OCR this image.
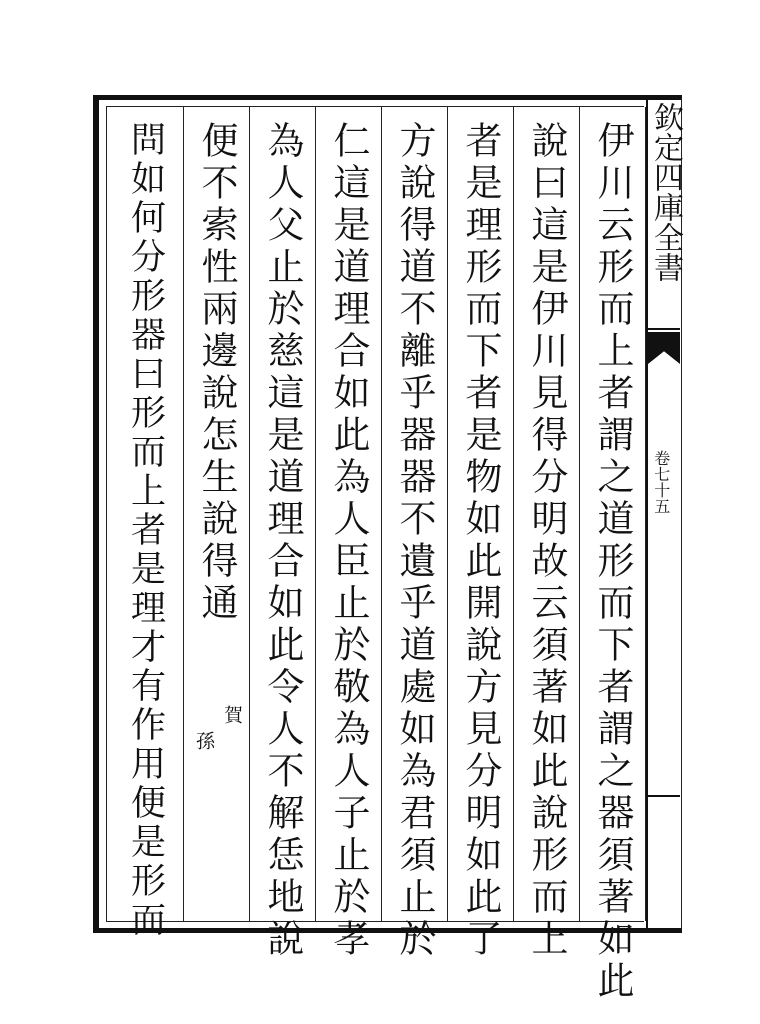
伊川云形而上者謂之道形而下者謂之器須著如此
說曰這是伊川見得分明故云須著如此說形而上
者是理形而下者是物如此開說方見分明如此了
方說得道不離乎器器不遺乎道處如為君須止於
仁這是道理合如此為人臣止於敬為人子止於孝
為人父止於慈這是道理合如此令人不解恁地說
便不索性兩邊說怎生說得通
賀
孫
問如何分形器曰形而上者是理才有作用便是形而	欽定四庫全書
卷七十五
